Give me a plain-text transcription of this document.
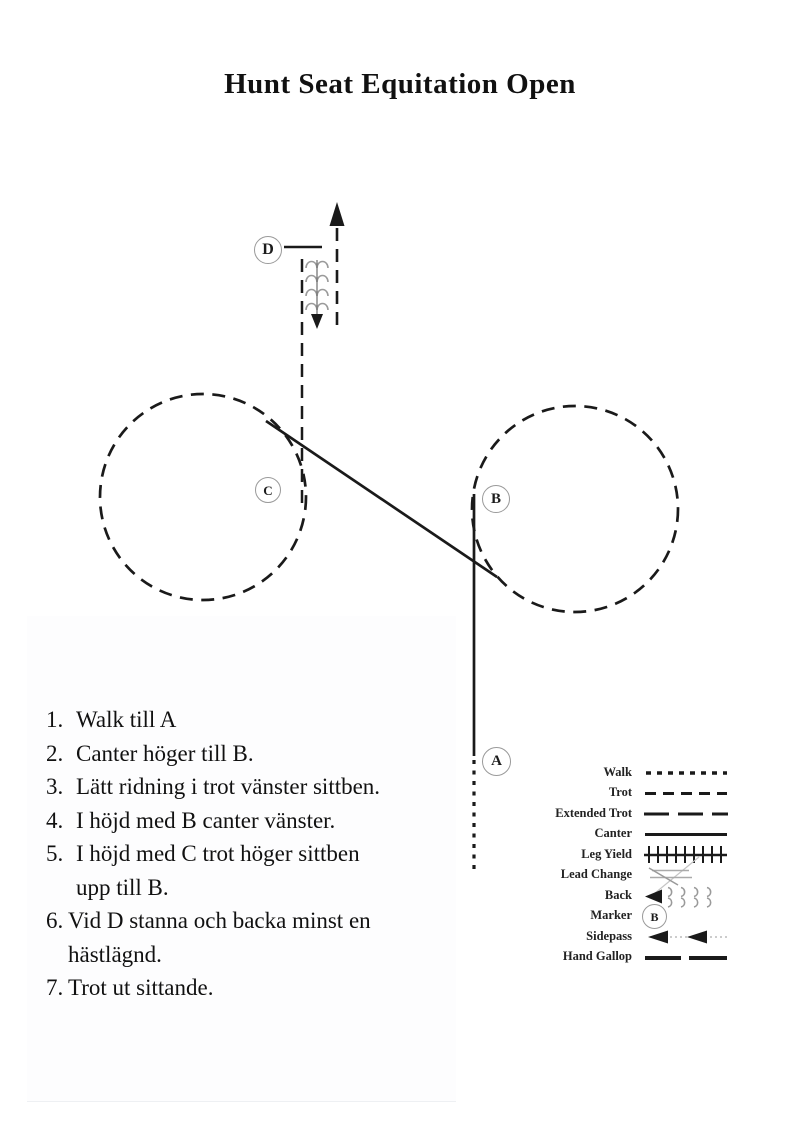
Hunt Seat Equitation Open
D
C
B
A
1. Walk till A
2. Canter höger till B.
3. Lätt ridning i trot vänster sittben.
4. I höjd med B canter vänster.
5. I höjd med C trot höger sittben
upp till B.
6. Vid D stanna och backa minst en
hästlägnd.
7. Trot ut sittande.
Walk
Trot
Extended Trot
Canter
Leg Yield
Lead Change
Back
Marker
Sidepass
Hand Gallop
B
